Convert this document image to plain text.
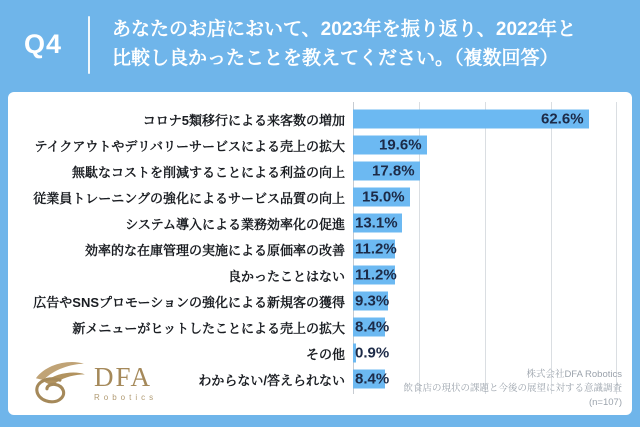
Q4	あなたのお店において、2023年を振り返り、2022年と
比較し良かったことを教えてください。（複数回答）
コロナ5類移行による来客数の増加	62.6%
テイクアウトやデリバリーサービスによる売上の拡大	19.6%
無駄なコストを削減することによる利益の向上	17.8%
従業員トレーニングの強化によるサービス品質の向上	15.0%
システム導入による業務効率化の促進 13.1%
効率的な在庫管理の実施による原価率の改善 11.2%
良かったことはない 11.2%
広告やSNSプロモーションの強化による新規客の獲得 9.3%
新メニューがヒットしたことによる売上の拡大 8.4%
その他 0.9%
わからない/答えられない 8.4%
DFA
Robotics
株式会社DFA Robotics
飲食店の現状の課題と今後の展望に対する意識調査
(n=107)
